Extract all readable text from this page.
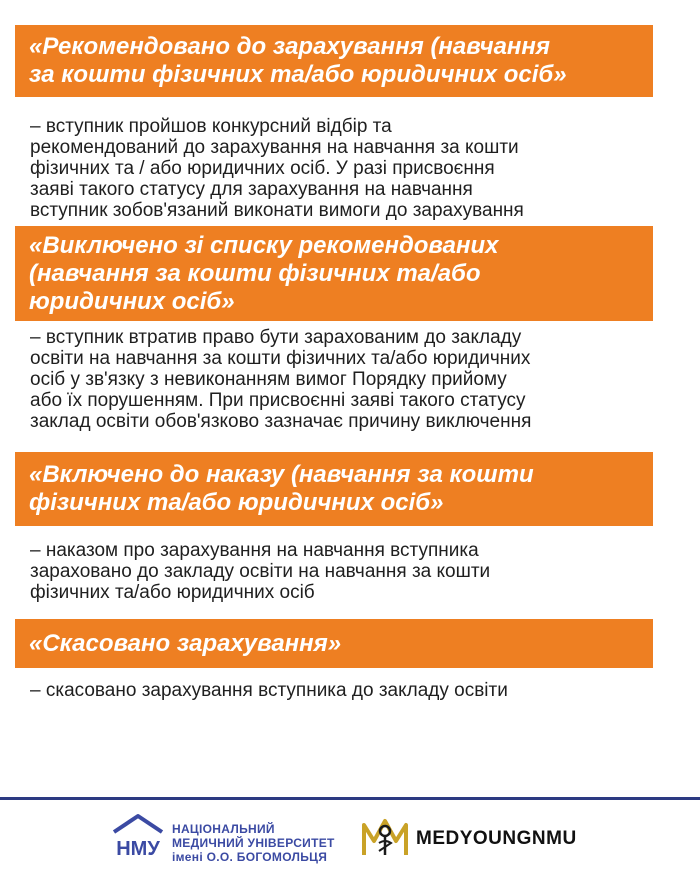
«Рекомендовано до зарахування (навчання
за кошти фізичних та/або юридичних осіб»
– вступник пройшов конкурсний відбір та
рекомендований до зарахування на навчання за кошти
фізичних та / або юридичних осіб. У разі присвоєння
заяві такого статусу для зарахування на навчання
вступник зобов'язаний виконати вимоги до зарахування
«Виключено зі списку рекомендованих
(навчання за кошти фізичних та/або
юридичних осіб»
– вступник втратив право бути зарахованим до закладу
освіти на навчання за кошти фізичних та/або юридичних
осіб у зв'язку з невиконанням вимог Порядку прийому
або їх порушенням. При присвоєнні заяві такого статусу
заклад освіти обов'язково зазначає причину виключення
«Включено до наказу (навчання за кошти
фізичних та/або юридичних осіб»
– наказом про зарахування на навчання вступника
зараховано до закладу освіти на навчання за кошти
фізичних та/або юридичних осіб
«Скасовано зарахування»
– скасовано зарахування вступника до закладу освіти
НМУ
НАЦІОНАЛЬНИЙ
МЕДИЧНИЙ УНІВЕРСИТЕТ
імені О.О. БОГОМОЛЬЦЯ
MEDYOUNGNMU
